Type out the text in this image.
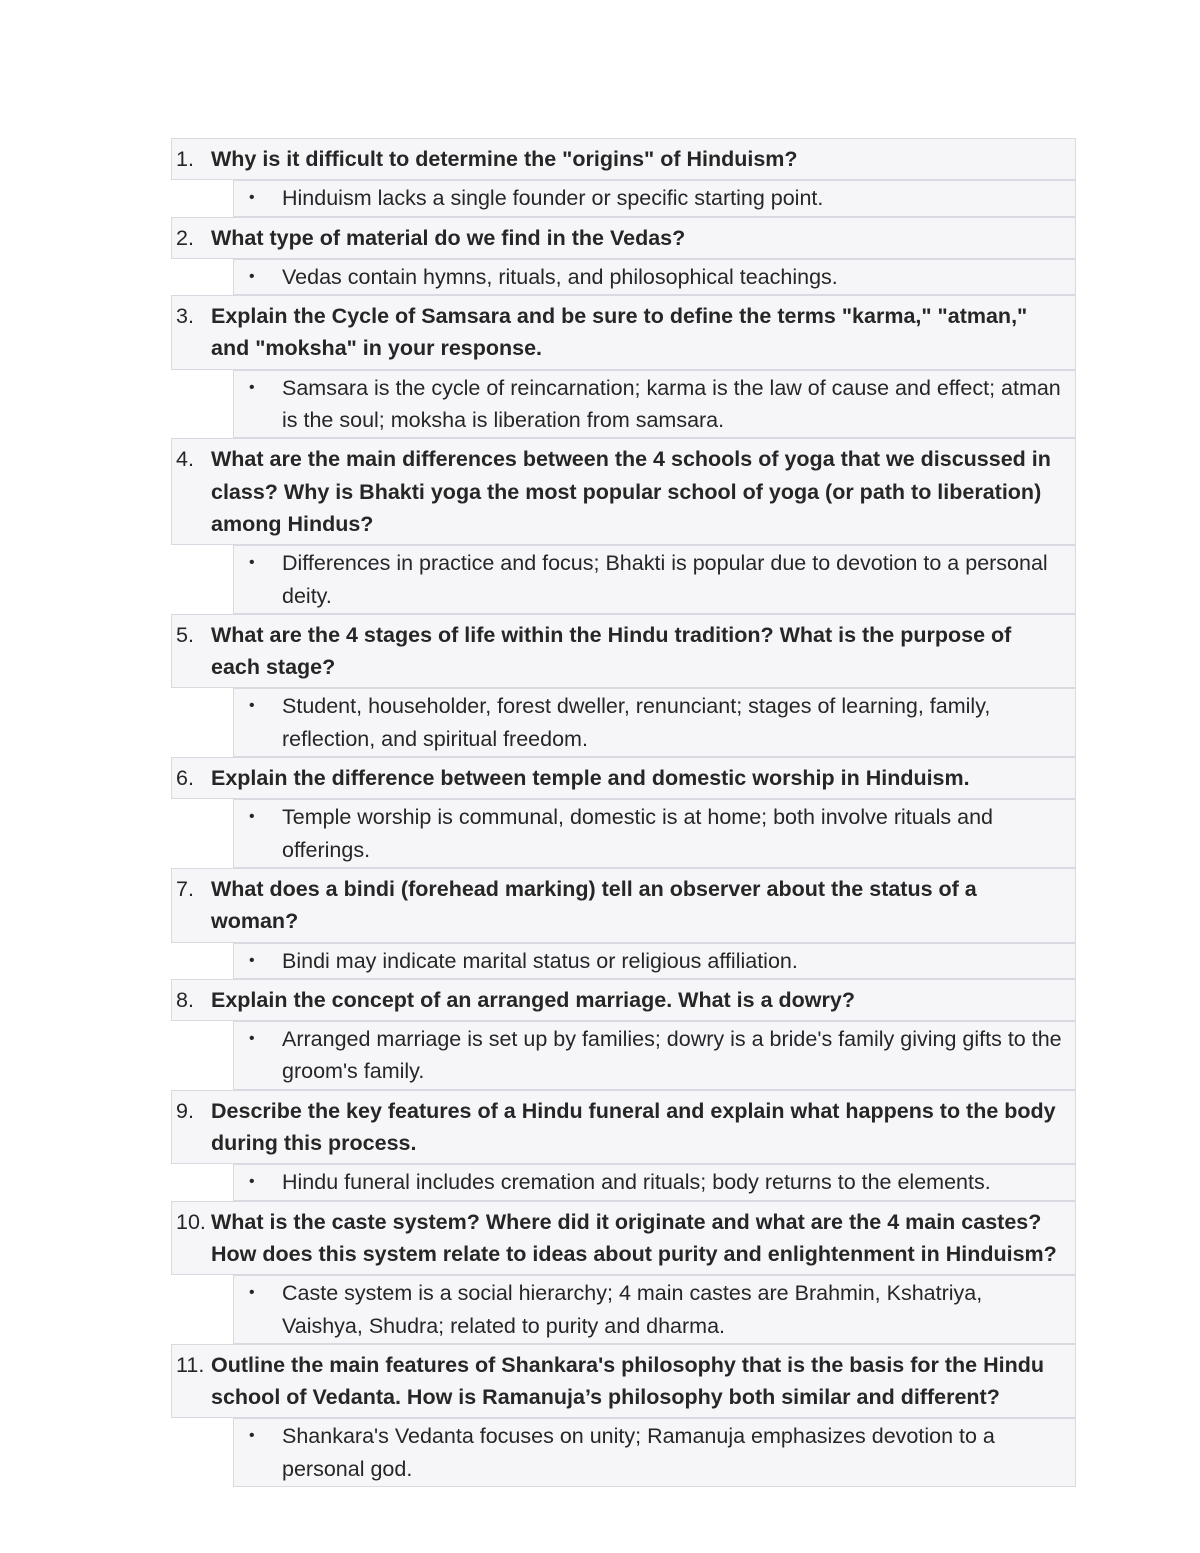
1. Why is it difficult to determine the "origins" of Hinduism?
• Hinduism lacks a single founder or specific starting point.
2. What type of material do we find in the Vedas?
• Vedas contain hymns, rituals, and philosophical teachings.
3. Explain the Cycle of Samsara and be sure to define the terms "karma," "atman," and "moksha" in your response.
• Samsara is the cycle of reincarnation; karma is the law of cause and effect; atman is the soul; moksha is liberation from samsara.
4. What are the main differences between the 4 schools of yoga that we discussed in class? Why is Bhakti yoga the most popular school of yoga (or path to liberation) among Hindus?
• Differences in practice and focus; Bhakti is popular due to devotion to a personal deity.
5. What are the 4 stages of life within the Hindu tradition? What is the purpose of each stage?
• Student, householder, forest dweller, renunciant; stages of learning, family, reflection, and spiritual freedom.
6. Explain the difference between temple and domestic worship in Hinduism.
• Temple worship is communal, domestic is at home; both involve rituals and offerings.
7. What does a bindi (forehead marking) tell an observer about the status of a woman?
• Bindi may indicate marital status or religious affiliation.
8. Explain the concept of an arranged marriage. What is a dowry?
• Arranged marriage is set up by families; dowry is a bride's family giving gifts to the groom's family.
9. Describe the key features of a Hindu funeral and explain what happens to the body during this process.
• Hindu funeral includes cremation and rituals; body returns to the elements.
10. What is the caste system? Where did it originate and what are the 4 main castes? How does this system relate to ideas about purity and enlightenment in Hinduism?
• Caste system is a social hierarchy; 4 main castes are Brahmin, Kshatriya, Vaishya, Shudra; related to purity and dharma.
11. Outline the main features of Shankara's philosophy that is the basis for the Hindu school of Vedanta. How is Ramanuja’s philosophy both similar and different?
• Shankara's Vedanta focuses on unity; Ramanuja emphasizes devotion to a personal god.
